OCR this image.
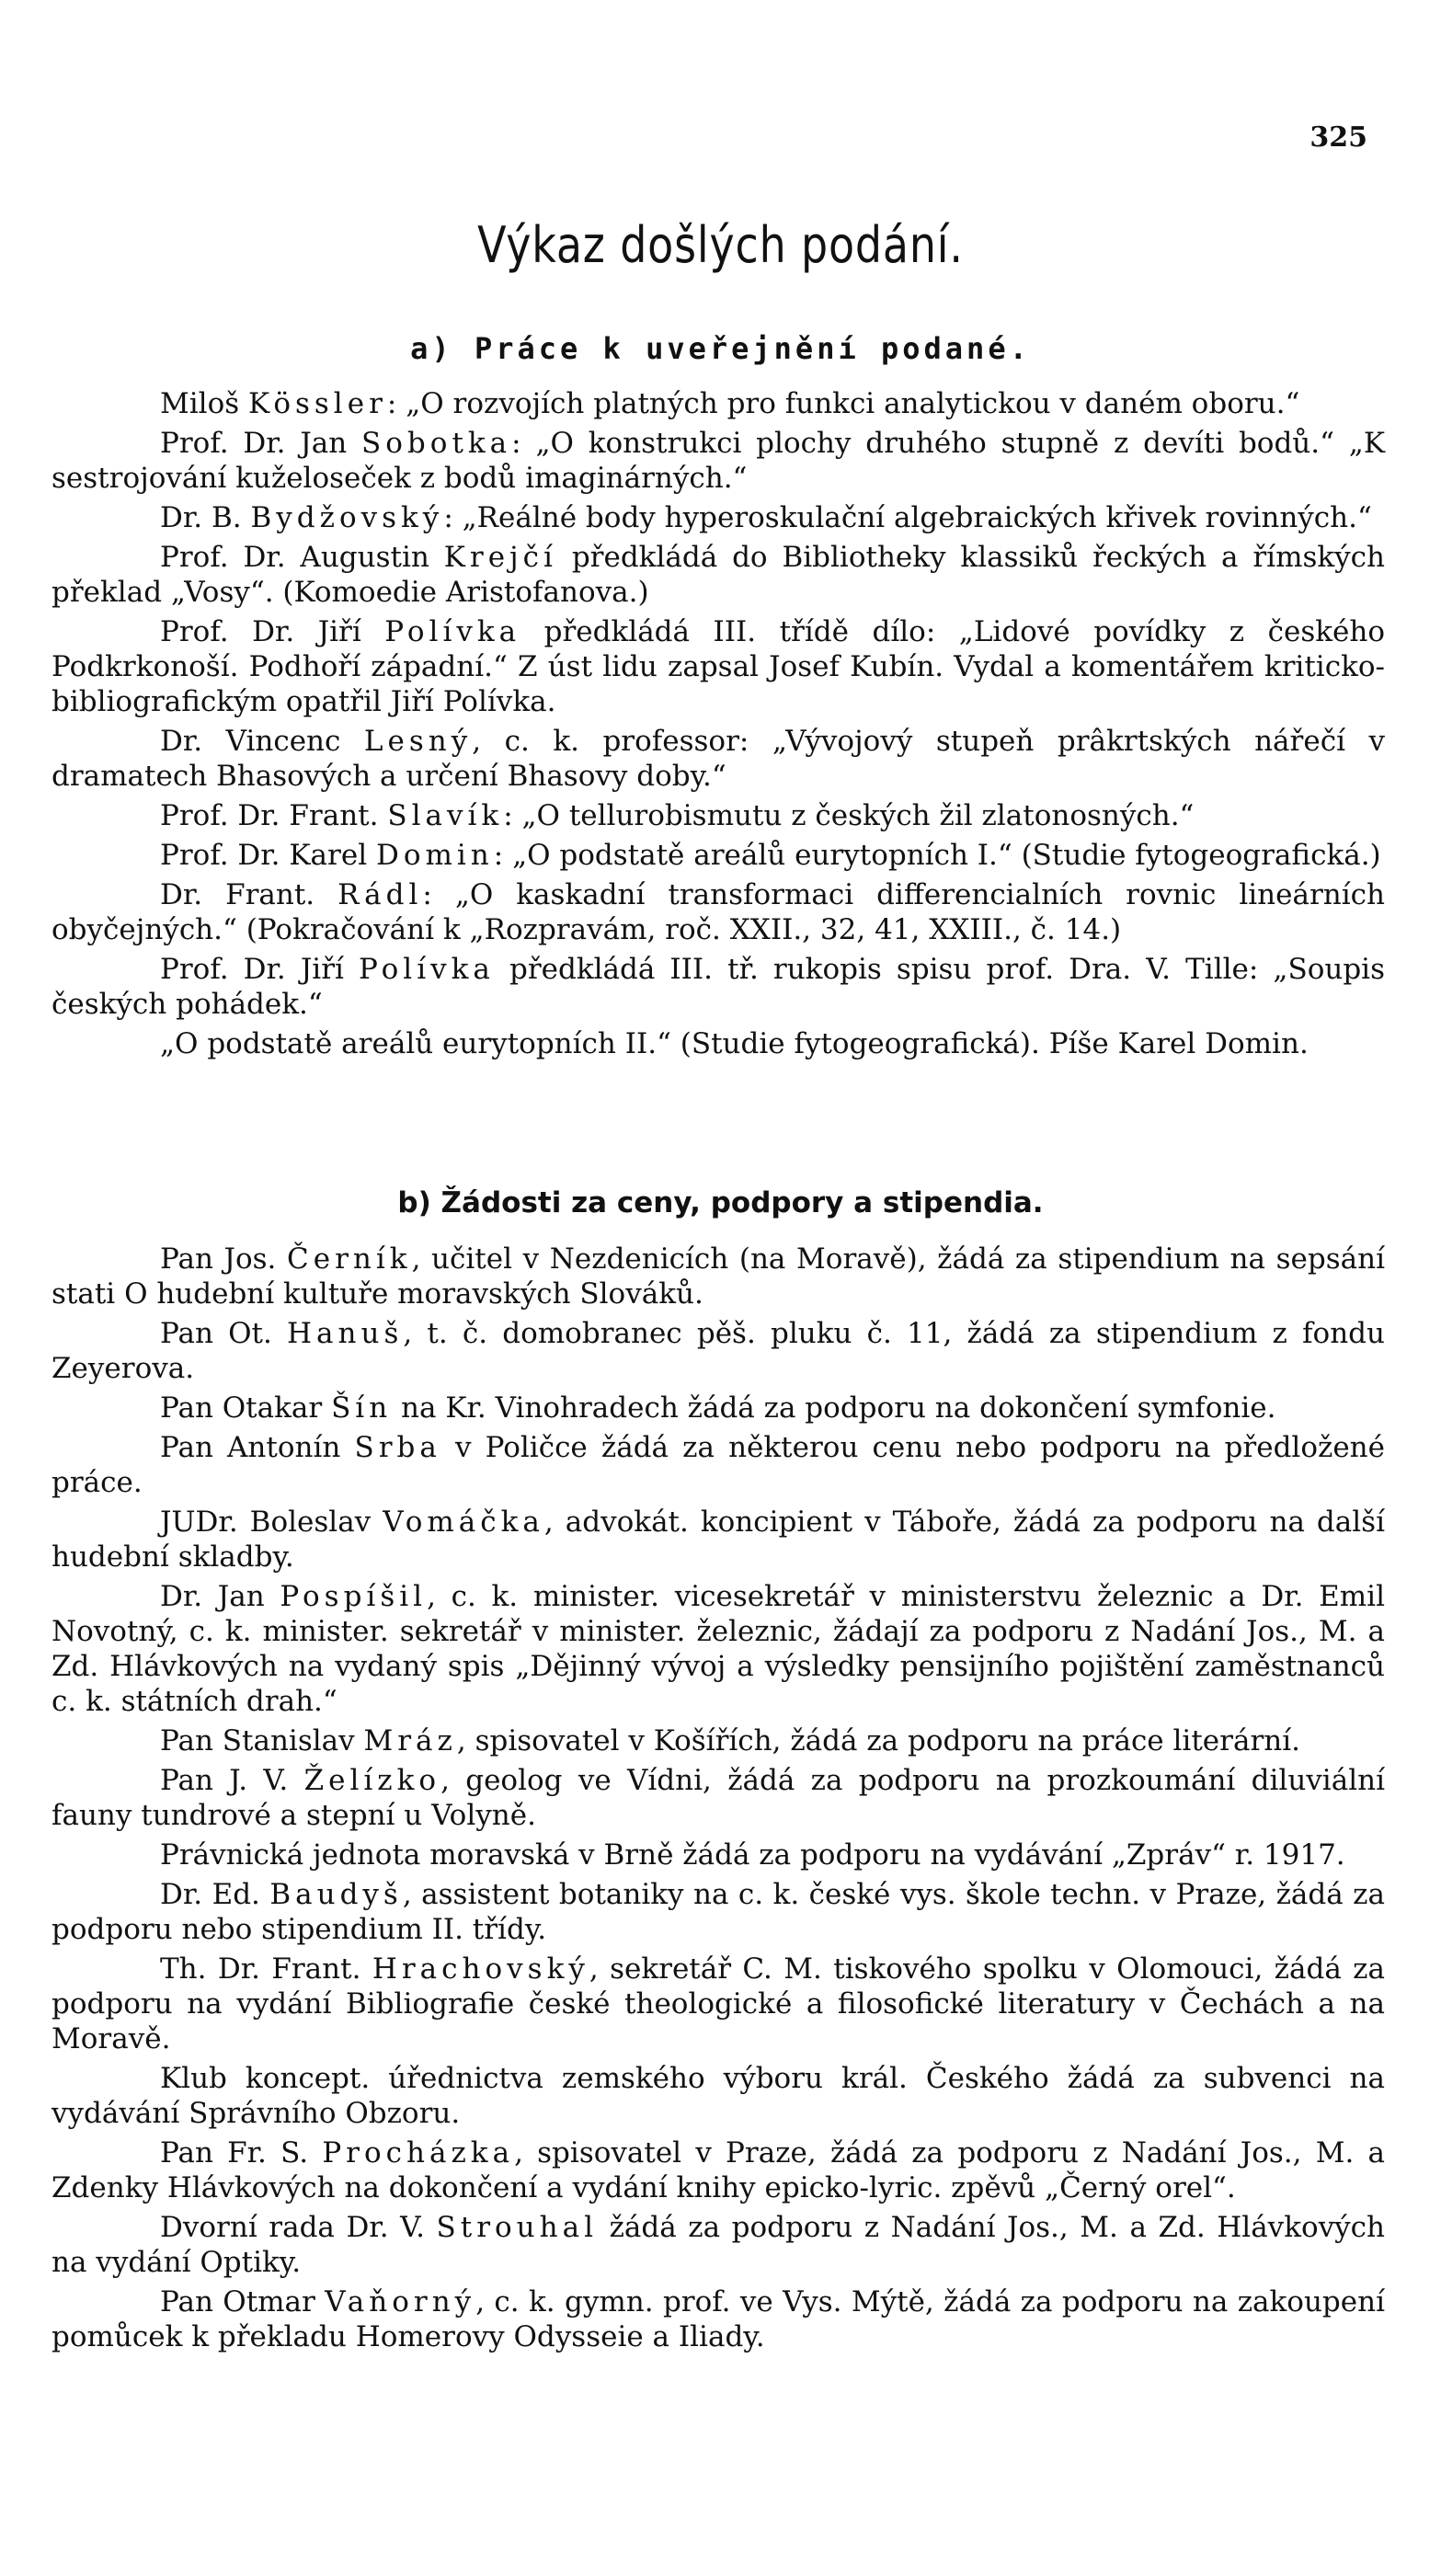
325
Výkaz došlých podání.
a) Práce k uveřejnění podané.

Miloš Kössler: „O rozvojích platných pro funkci analytickou v daném oboru.“

Prof. Dr. Jan Sobotka: „O konstrukci plochy druhého stupně z devíti bodů.“ „K sestrojování kuželoseček z bodů imaginárných.“

Dr. B. Bydžovský: „Reálné body hyperoskulační algebraických křivek rovinných.“

Prof. Dr. Augustin Krejčí předkládá do Bibliotheky klassiků řeckých a římských překlad „Vosy“. (Komoedie Aristofanova.)

Prof. Dr. Jiří Polívka předkládá III. třídě dílo: „Lidové povídky z českého Podkrkonoší. Podhoří západní.“ Z úst lidu zapsal Josef Kubín. Vydal a komentářem kriticko-bibliografickým opatřil Jiří Polívka.

Dr. Vincenc Lesný, c. k. professor: „Vývojový stupeň prâkrtských nářečí v dramatech Bhasových a určení Bhasovy doby.“

Prof. Dr. Frant. Slavík: „O tellurobismutu z českých žil zlatonosných.“

Prof. Dr. Karel Domin: „O podstatě areálů eurytopních I.“ (Studie fytogeografická.)

Dr. Frant. Rádl: „O kaskadní transformaci differencialních rovnic lineárních obyčejných.“ (Pokračování k „Rozpravám, roč. XXII., 32, 41, XXIII., č. 14.)

Prof. Dr. Jiří Polívka předkládá III. tř. rukopis spisu prof. Dra. V. Tille: „Soupis českých pohádek.“

„O podstatě areálů eurytopních II.“ (Studie fytogeografická). Píše Karel Domin.

b) Žádosti za ceny, podpory a stipendia.

Pan Jos. Černík, učitel v Nezdenicích (na Moravě), žádá za stipendium na sepsání stati O hudební kultuře moravských Slováků.

Pan Ot. Hanuš, t. č. domobranec pěš. pluku č. 11, žádá za stipendium z fondu Zeyerova.

Pan Otakar Šín na Kr. Vinohradech žádá za podporu na dokončení symfonie.

Pan Antonín Srba v Poličce žádá za některou cenu nebo podporu na předložené práce.

JUDr. Boleslav Vomáčka, advokát. koncipient v Táboře, žádá za podporu na další hudební skladby.

Dr. Jan Pospíšil, c. k. minister. vicesekretář v ministerstvu železnic a Dr. Emil Novotný, c. k. minister. sekretář v minister. železnic, žádají za podporu z Nadání Jos., M. a Zd. Hlávkových na vydaný spis „Dějinný vývoj a výsledky pensijního pojištění zaměstnanců c. k. státních drah.“

Pan Stanislav Mráz, spisovatel v Košířích, žádá za podporu na práce literární.

Pan J. V. Želízko, geolog ve Vídni, žádá za podporu na prozkoumání diluviální fauny tundrové a stepní u Volyně.

Právnická jednota moravská v Brně žádá za podporu na vydávání „Zpráv“ r. 1917.

Dr. Ed. Baudyš, assistent botaniky na c. k. české vys. škole techn. v Praze, žádá za podporu nebo stipendium II. třídy.

Th. Dr. Frant. Hrachovský, sekretář C. M. tiskového spolku v Olomouci, žádá za podporu na vydání Bibliografie české theologické a filosofické literatury v Čechách a na Moravě.

Klub koncept. úřednictva zemského výboru král. Českého žádá za subvenci na vydávání Správního Obzoru.

Pan Fr. S. Procházka, spisovatel v Praze, žádá za podporu z Nadání Jos., M. a Zdenky Hlávkových na dokončení a vydání knihy epicko-lyric. zpěvů „Černý orel“.

Dvorní rada Dr. V. Strouhal žádá za podporu z Nadání Jos., M. a Zd. Hlávkových na vydání Optiky.

Pan Otmar Vaňorný, c. k. gymn. prof. ve Vys. Mýtě, žádá za podporu na zakoupení pomůcek k překladu Homerovy Odysseie a Iliady.
